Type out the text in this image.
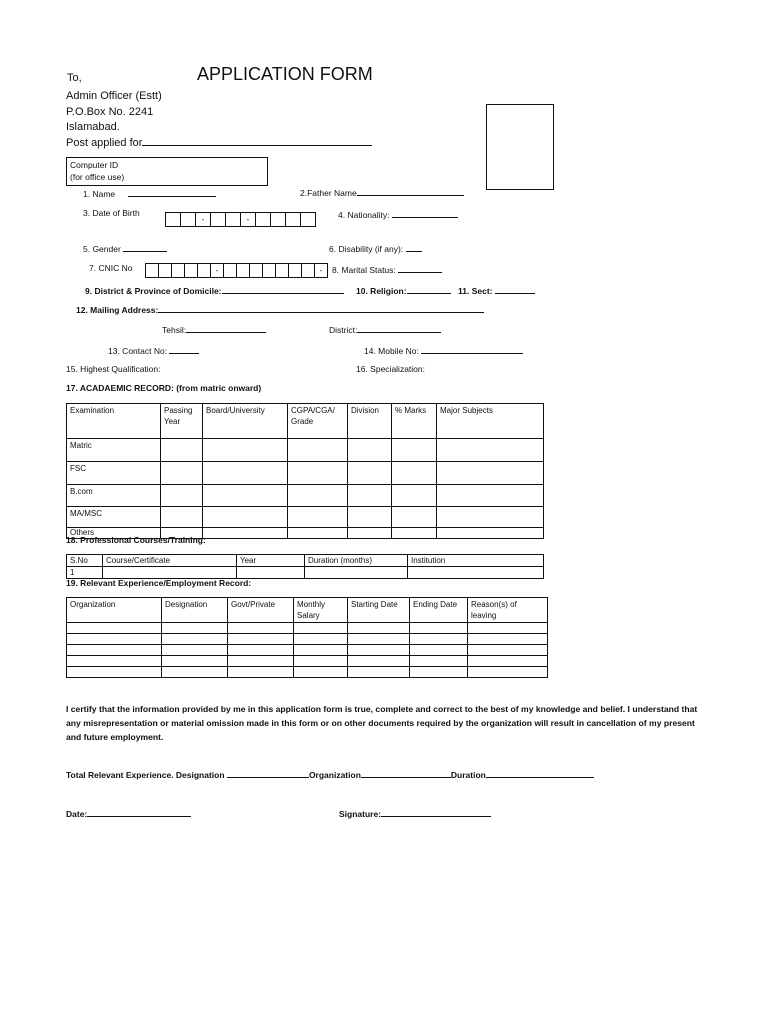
To,	APPLICATION FORM
Admin Officer (Estt)
P.O.Box No. 2241
Islamabad.
Post applied for
Computer ID
(for office use)
1. Name	2.Father Name
3. Date of Birth
-	-	4. Nationality:
5. Gender	6. Disability (if any):
7. CNIC No	-	-	8. Marital Status:
9. District & Province of Domicile:	10. Religion:	11. Sect:
12. Mailing Address:
Tehsil:	District:
13. Contact No:	14. Mobile No:
15. Highest Qualification:	16. Specialization:
17. ACADAEMIC RECORD: (from matric onward)
Examination	Passing Year	Board/University	CGPA/CGA/ Grade	Division	% Marks	Major Subjects
Matric						
FSC						
B.com						
MA/MSC						
Others						
18. Professional Courses/Training:
S.No	Course/Certificate	Year	Duration (months)	Institution
1				
19. Relevant Experience/Employment Record:
Organization	Designation	Govt/Private	Monthly Salary	Starting Date	Ending Date	Reason(s) of leaving

I certify that the information provided by me in this application form is true, complete and correct to the best of my knowledge and belief. I understand that any misrepresentation or material omission made in this form or on other documents required by the organization will result in cancellation of my present and future employment.
Total Relevant Experience. Designation	Organization	Duration
Date:	Signature:
